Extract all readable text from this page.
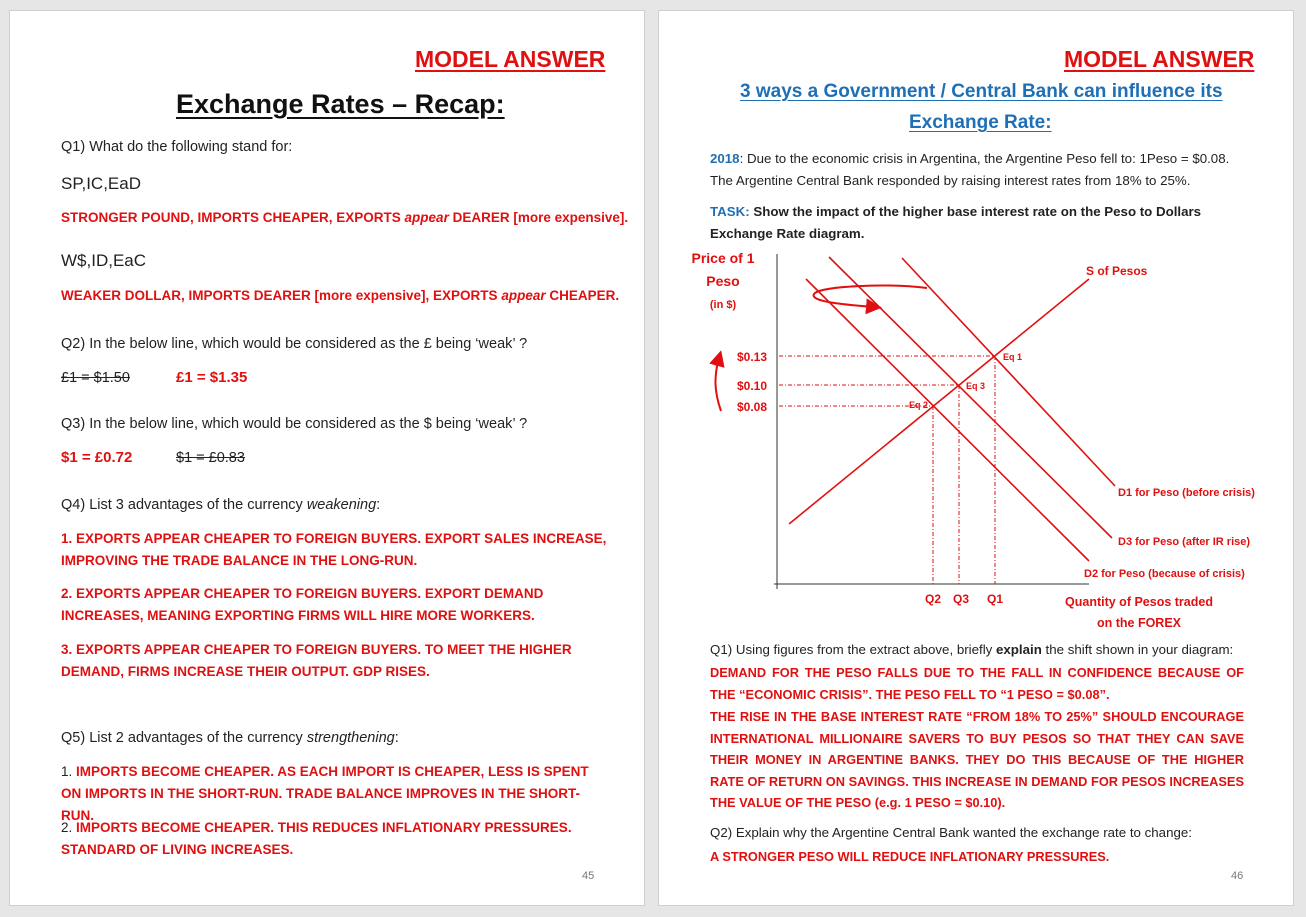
MODEL ANSWER
Exchange Rates – Recap:
Q1) What do the following stand for:
SP,IC,EaD
STRONGER POUND, IMPORTS CHEAPER, EXPORTS appear DEARER [more expensive].
W$,ID,EaC
WEAKER DOLLAR, IMPORTS DEARER [more expensive], EXPORTS appear CHEAPER.
Q2) In the below line, which would be considered as the £ being ‘weak’ ?
£1 = $1.50	£1 = $1.35
Q3) In the below line, which would be considered as the $ being ‘weak’ ?
$1 = £0.72	$1 = £0.83
Q4) List 3 advantages of the currency weakening:
1. EXPORTS APPEAR CHEAPER TO FOREIGN BUYERS. EXPORT SALES INCREASE, IMPROVING THE TRADE BALANCE IN THE LONG-RUN.
2. EXPORTS APPEAR CHEAPER TO FOREIGN BUYERS. EXPORT DEMAND INCREASES, MEANING EXPORTING FIRMS WILL HIRE MORE WORKERS.
3. EXPORTS APPEAR CHEAPER TO FOREIGN BUYERS. TO MEET THE HIGHER DEMAND, FIRMS INCREASE THEIR OUTPUT. GDP RISES.
Q5) List 2 advantages of the currency strengthening:
1. IMPORTS BECOME CHEAPER. AS EACH IMPORT IS CHEAPER, LESS IS SPENT ON IMPORTS IN THE SHORT-RUN. TRADE BALANCE IMPROVES IN THE SHORT-RUN.
2. IMPORTS BECOME CHEAPER. THIS REDUCES INFLATIONARY PRESSURES. STANDARD OF LIVING INCREASES.
45
MODEL ANSWER
3 ways a Government / Central Bank can influence its
Exchange Rate:
2018: Due to the economic crisis in Argentina, the Argentine Peso fell to: 1Peso = $0.08. The Argentine Central Bank responded by raising interest rates from 18% to 25%.
TASK: Show the impact of the higher base interest rate on the Peso to Dollars Exchange Rate diagram.
Price of 1
Peso
(in $)
$0.13
$0.10
$0.08
Eq 1
Eq 3
Eq 2
Q2 Q3 Q1
S of Pesos
D1 for Peso (before crisis)
D3 for Peso (after IR rise)
D2 for Peso (because of crisis)
Quantity of Pesos traded
on the FOREX
Q1) Using figures from the extract above, briefly explain the shift shown in your diagram:
DEMAND FOR THE PESO FALLS DUE TO THE FALL IN CONFIDENCE BECAUSE OF THE “ECONOMIC CRISIS”. THE PESO FELL TO “1 PESO = $0.08”.
THE RISE IN THE BASE INTEREST RATE “FROM 18% TO 25%” SHOULD ENCOURAGE INTERNATIONAL MILLIONAIRE SAVERS TO BUY PESOS SO THAT THEY CAN SAVE THEIR MONEY IN ARGENTINE BANKS. THEY DO THIS BECAUSE OF THE HIGHER RATE OF RETURN ON SAVINGS. THIS INCREASE IN DEMAND FOR PESOS INCREASES THE VALUE OF THE PESO (e.g. 1 PESO = $0.10).
Q2) Explain why the Argentine Central Bank wanted the exchange rate to change:
A STRONGER PESO WILL REDUCE INFLATIONARY PRESSURES.
46
